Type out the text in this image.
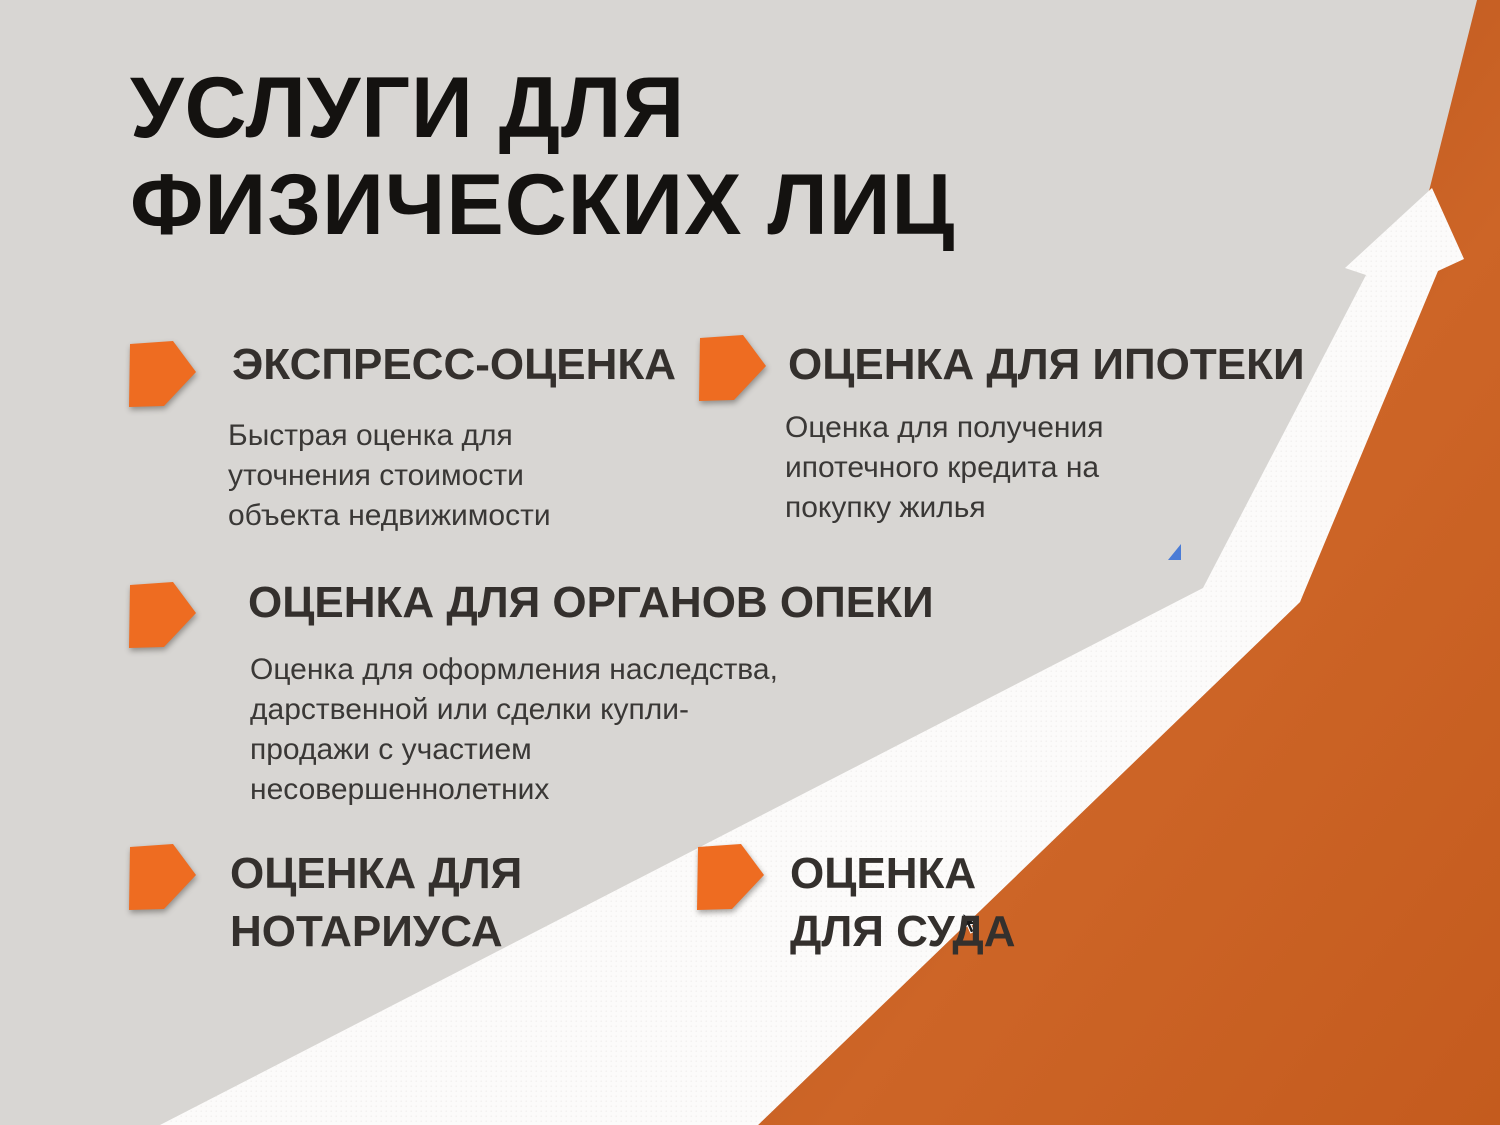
УСЛУГИ ДЛЯ
ФИЗИЧЕСКИХ ЛИЦ
ЭКСПРЕСС-ОЦЕНКА
Быстрая оценка для
уточнения стоимости
объекта недвижимости
ОЦЕНКА ДЛЯ ИПОТЕКИ
Оценка для получения
ипотечного кредита на
покупку жилья
ОЦЕНКА ДЛЯ ОРГАНОВ ОПЕКИ
Оценка для оформления наследства,
дарственной или сделки купли-
продажи с участием
несовершеннолетних
ОЦЕНКА ДЛЯ
НОТАРИУСА
ОЦЕНКА
ДЛЯ СУДА
